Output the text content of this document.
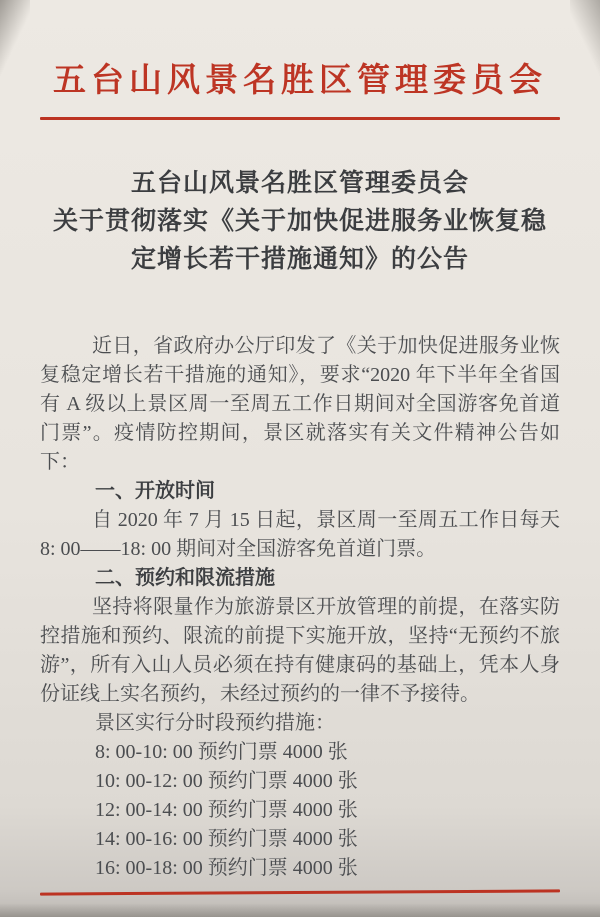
五台山风景名胜区管理委员会
五台山风景名胜区管理委员会
关于贯彻落实《关于加快促进服务业恢复稳
定增长若干措施通知》的公告

近日，省政府办公厅印发了《关于加快促进服务业恢复稳定增长若干措施的通知》，要求“2020 年下半年全省国有 A 级以上景区周一至周五工作日期间对全国游客免首道门票”。疫情防控期间，景区就落实有关文件精神公告如下：

一、开放时间

自 2020 年 7 月 15 日起，景区周一至周五工作日每天 8: 00——18: 00 期间对全国游客免首道门票。

二、预约和限流措施

坚持将限量作为旅游景区开放管理的前提，在落实防控措施和预约、限流的前提下实施开放，坚持“无预约不旅游”，所有入山人员必须在持有健康码的基础上，凭本人身份证线上实名预约，未经过预约的一律不予接待。

景区实行分时段预约措施：

8: 00-10: 00 预约门票 4000 张
10: 00-12: 00 预约门票 4000 张
12: 00-14: 00 预约门票 4000 张
14: 00-16: 00 预约门票 4000 张
16: 00-18: 00 预约门票 4000 张
